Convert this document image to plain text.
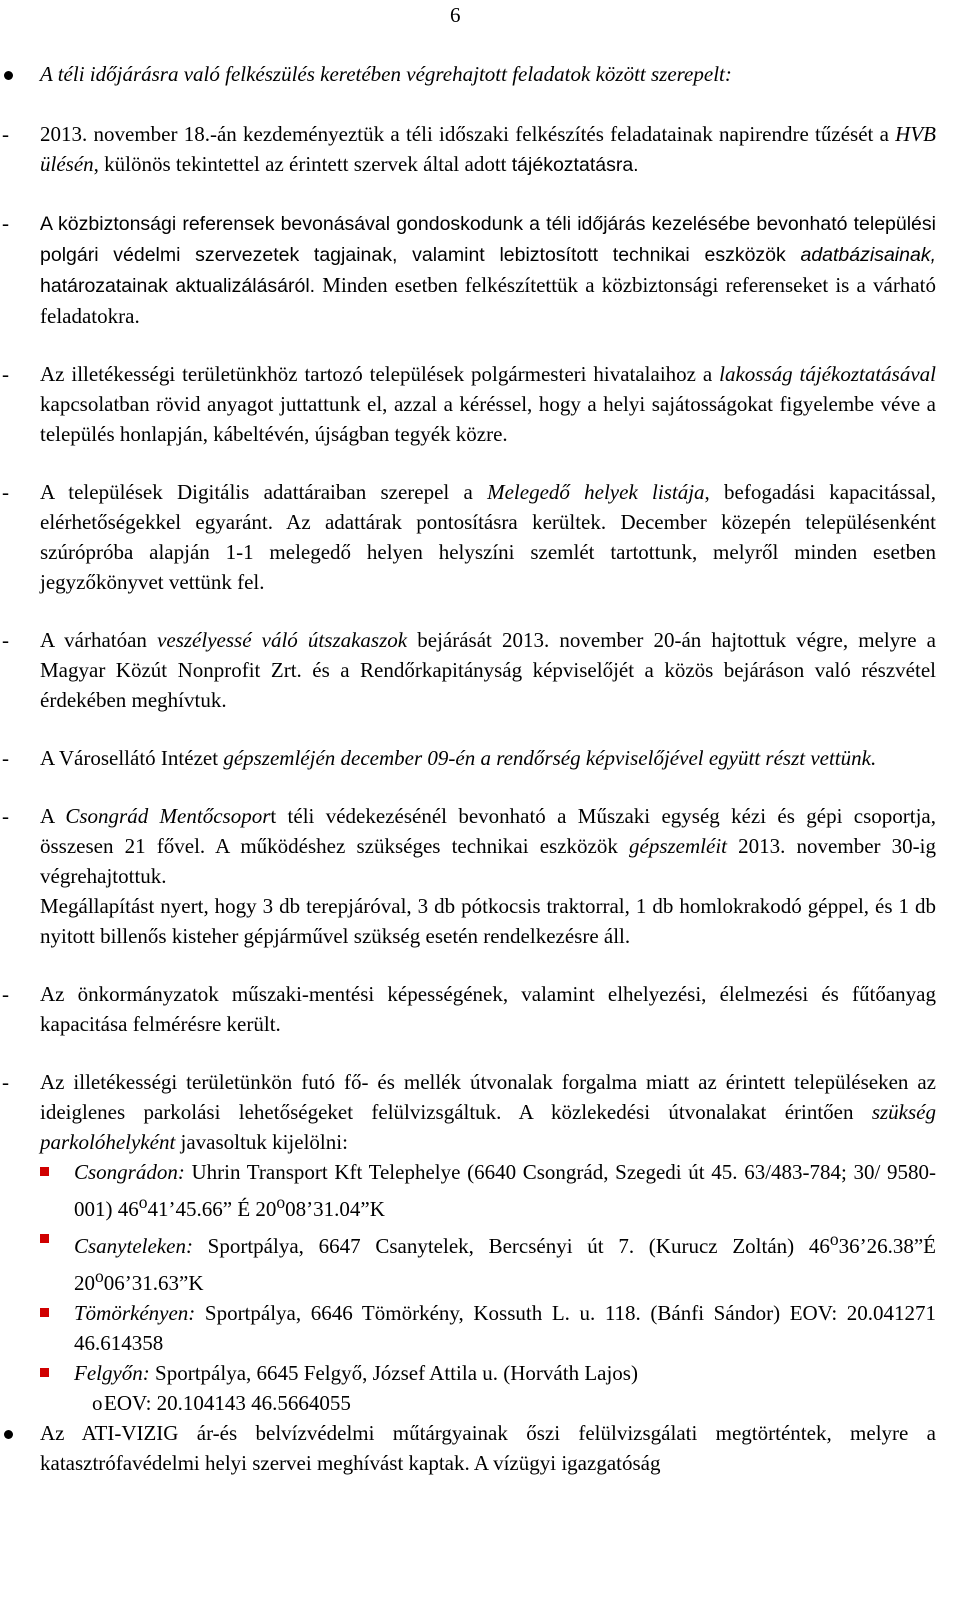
6

A téli időjárásra való felkészülés keretében végrehajtott feladatok között szerepelt:

- 2013. november 18.-án kezdeményeztük a téli időszaki felkészítés feladatainak napirendre tűzését a HVB ülésén, különös tekintettel az érintett szervek által adott tájékoztatásra.
- A közbiztonsági referensek bevonásával gondoskodunk a téli időjárás kezelésébe bevonható települési polgári védelmi szervezetek tagjainak, valamint lebiztosított technikai eszközök adatbázisainak, határozatainak aktualizálásáról. Minden esetben felkészítettük a közbiztonsági referenseket is a várható feladatokra.
- Az illetékességi területünkhöz tartozó települések polgármesteri hivatalaihoz a lakosság tájékoztatásával kapcsolatban rövid anyagot juttattunk el, azzal a kéréssel, hogy a helyi sajátosságokat figyelembe véve a település honlapján, kábeltévén, újságban tegyék közre.
- A települések Digitális adattáraiban szerepel a Melegedő helyek listája, befogadási kapacitással, elérhetőségekkel egyaránt. Az adattárak pontosításra kerültek. December közepén településenként szúrópróba alapján 1-1 melegedő helyen helyszíni szemlét tartottunk, melyről minden esetben jegyzőkönyvet vettünk fel.
- A várhatóan veszélyessé váló útszakaszok bejárását 2013. november 20-án hajtottuk végre, melyre a Magyar Közút Nonprofit Zrt. és a Rendőrkapitányság képviselőjét a közös bejáráson való részvétel érdekében meghívtuk.
- A Városellátó Intézet gépszemléjén december 09-én a rendőrség képviselőjével együtt részt vettünk.
- A Csongrád Mentőcsoport téli védekezésénél bevonható a Műszaki egység kézi és gépi csoportja, összesen 21 fővel. A működéshez szükséges technikai eszközök gépszemléit 2013. november 30-ig végrehajtottuk.
Megállapítást nyert, hogy 3 db terepjáróval, 3 db pótkocsis traktorral, 1 db homlokrakodó géppel, és 1 db nyitott billenős kisteher gépjárművel szükség esetén rendelkezésre áll.
- Az önkormányzatok műszaki-mentési képességének, valamint elhelyezési, élelmezési és fűtőanyag kapacitása felmérésre került.
- Az illetékességi területünkön futó fő- és mellék útvonalak forgalma miatt az érintett településeken az ideiglenes parkolási lehetőségeket felülvizsgáltuk. A közlekedési útvonalakat érintően szükség parkolóhelyként javasoltuk kijelölni:
Csongrádon: Uhrin Transport Kft Telephelye (6640 Csongrád, Szegedi út 45. 63/483-784; 30/ 9580-001) 46$^o$41’45.66” É 20$^o$08’31.04”K
Csanyteleken: Sportpálya, 6647 Csanytelek, Bercsényi út 7. (Kurucz Zoltán) 46$^o$36’26.38”É 20$^o$06’31.63”K
Tömörkényen: Sportpálya, 6646 Tömörkény, Kossuth L. u. 118. (Bánfi Sándor) EOV: 20.041271 46.614358
Felgyőn: Sportpálya, 6645 Felgyő, József Attila u. (Horváth Lajos)
o EOV: 20.104143 46.5664055

Az ATI-VIZIG ár-és belvízvédelmi műtárgyainak őszi felülvizsgálati megtörténtek, melyre a katasztrófavédelmi helyi szervei meghívást kaptak. A vízügyi igazgatóság
